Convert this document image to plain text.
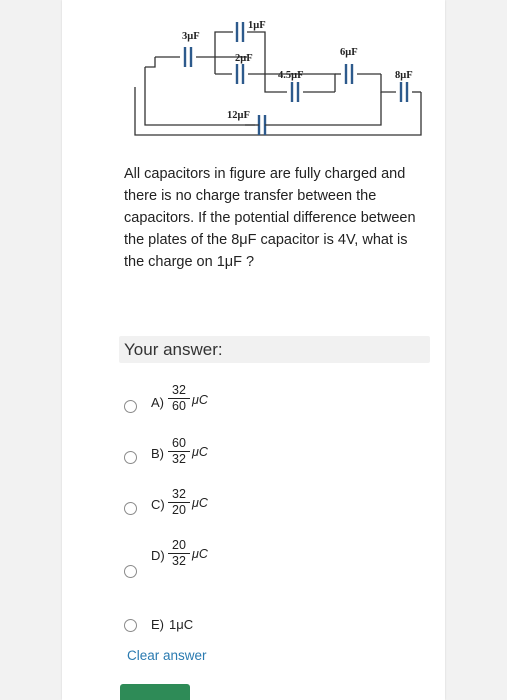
3μF
1μF
2μF
6μF
4.5μF	8μF
12μF
All capacitors in figure are fully charged and there is no charge transfer between the capacitors. If the potential difference between the plates of the 8μF capacitor is 4V, what is the charge on 1μF ?
Your answer:
A)
32
60 μC
B)
60
32 μC
C)
32
20 μC
D)
20
32 μC
E) 1μC
Clear answer
